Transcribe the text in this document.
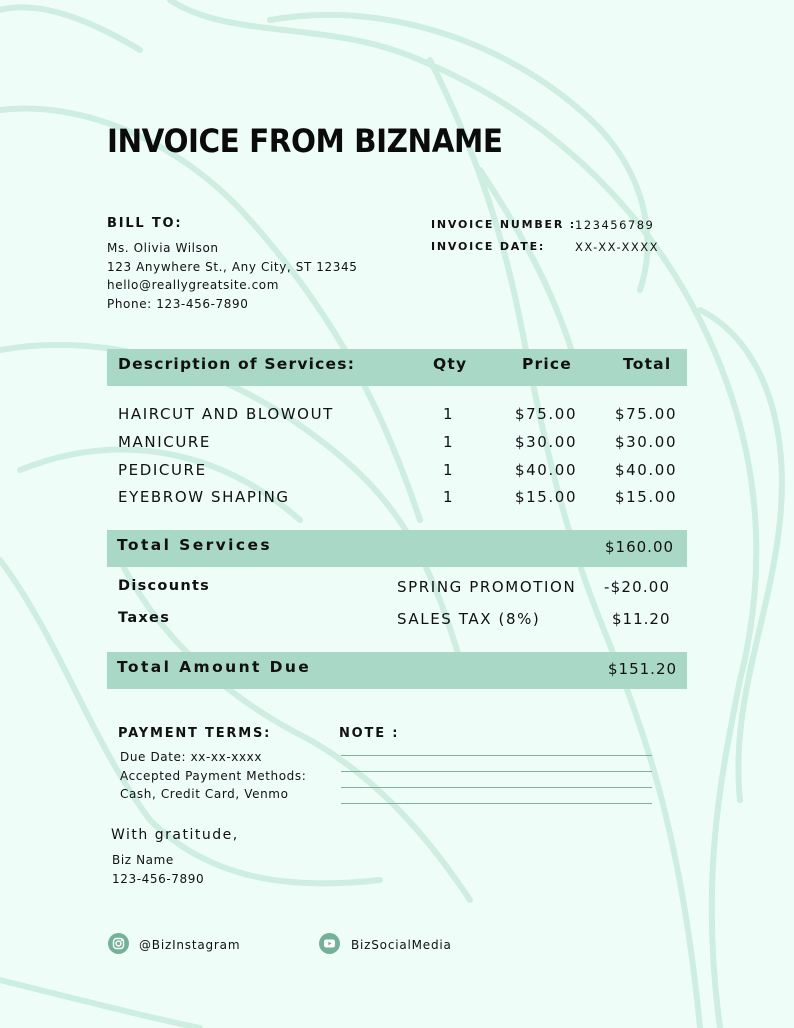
INVOICE FROM BIZNAME
BILL TO:
Ms. Olivia Wilson
123 Anywhere St., Any City, ST 12345
hello@reallygreatsite.com
Phone: 123-456-7890
INVOICE NUMBER : 123456789
INVOICE DATE:	XX-XX-XXXX
Description of Services:	Qty	Price	Total
HAIRCUT AND BLOWOUT	1	$75.00	$75.00
MANICURE	1	$30.00	$30.00
PEDICURE	1	$40.00	$40.00
EYEBROW SHAPING	1	$15.00	$15.00
Total Services	$160.00
Discounts	SPRING PROMOTION -$20.00
Taxes	SALES TAX (8%)	$11.20
Total Amount Due	$151.20
PAYMENT TERMS:
Due Date: xx-xx-xxxx
Accepted Payment Methods:
Cash, Credit Card, Venmo
NOTE :
With gratitude,
Biz Name
123-456-7890
@BizInstagram	BizSocialMedia
